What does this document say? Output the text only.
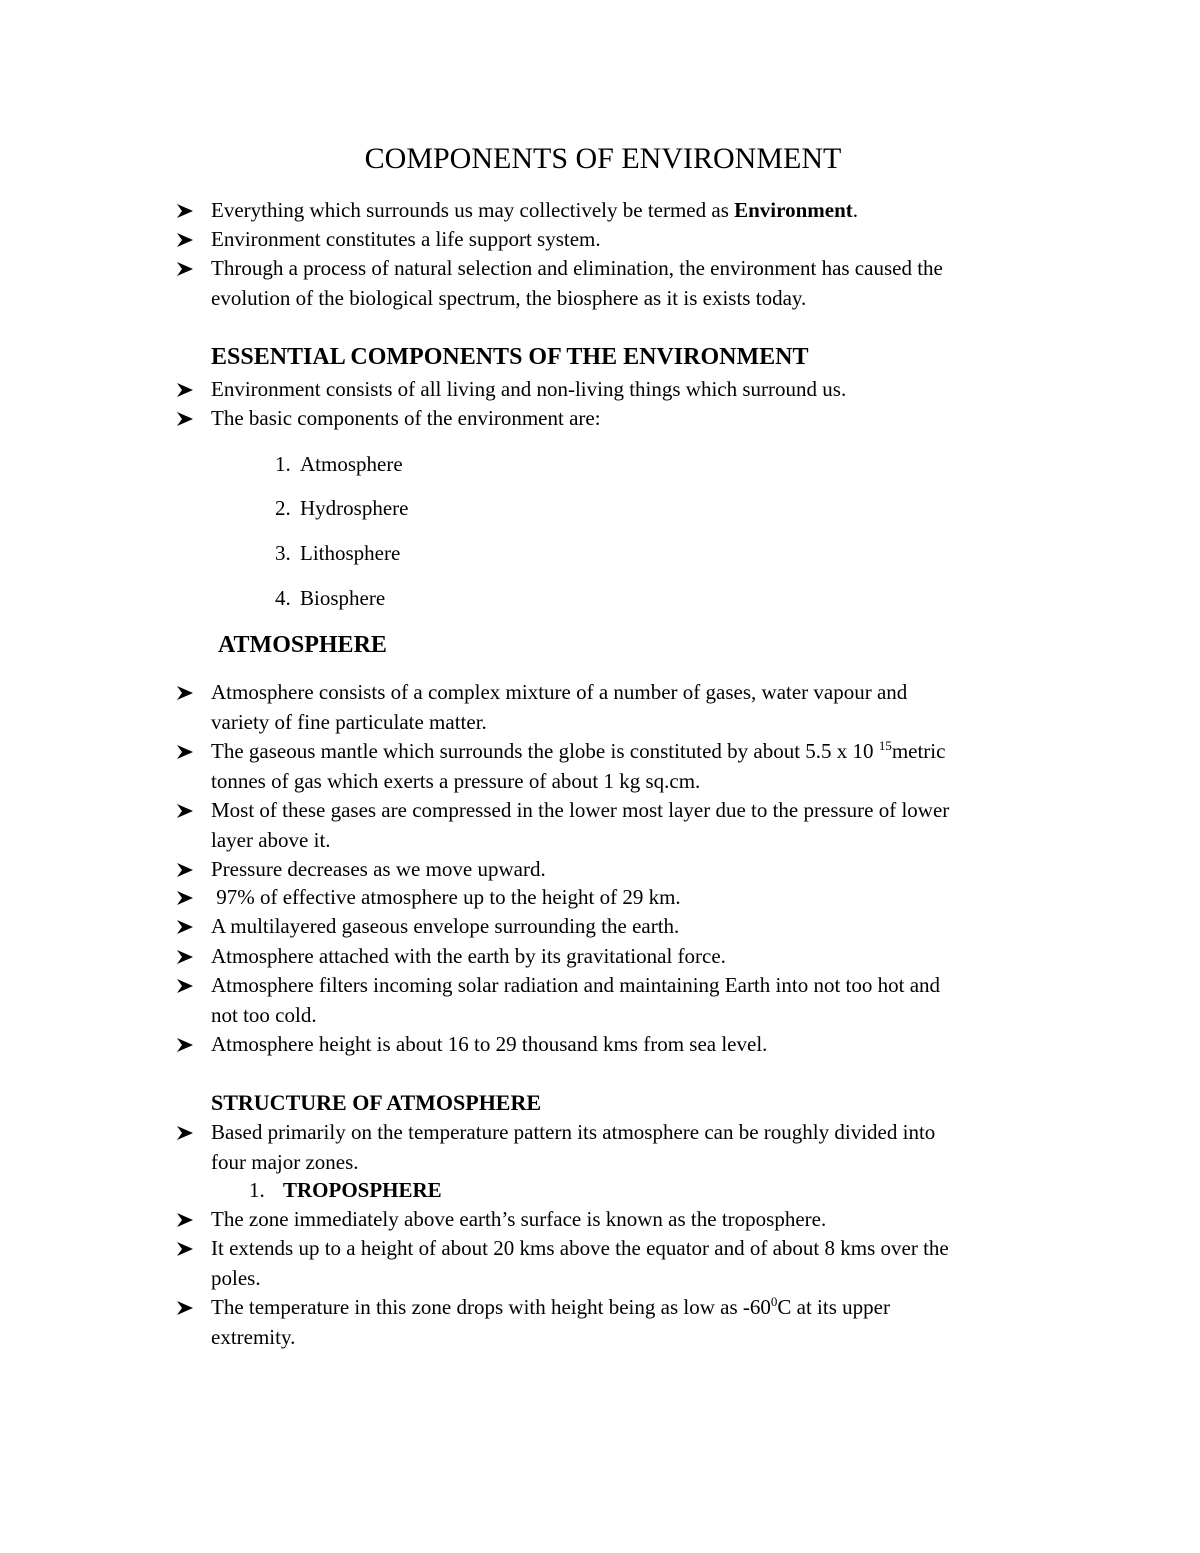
COMPONENTS OF ENVIRONMENT
Everything which surrounds us may collectively be termed as Environment.
Environment constitutes a life support system.
Through a process of natural selection and elimination, the environment has caused the
evolution of the biological spectrum, the biosphere as it is exists today.
ESSENTIAL COMPONENTS OF THE ENVIRONMENT
Environment consists of all living and non-living things which surround us.
The basic components of the environment are:
1. Atmosphere
2. Hydrosphere
3. Lithosphere
4. Biosphere
ATMOSPHERE
Atmosphere consists of a complex mixture of a number of gases, water vapour and
variety of fine particulate matter.
The gaseous mantle which surrounds the globe is constituted by about 5.5 x 10 $^{15}$metric
tonnes of gas which exerts a pressure of about 1 kg sq.cm.
Most of these gases are compressed in the lower most layer due to the pressure of lower
layer above it.
Pressure decreases as we move upward.
97% of effective atmosphere up to the height of 29 km.
A multilayered gaseous envelope surrounding the earth.
Atmosphere attached with the earth by its gravitational force.
Atmosphere filters incoming solar radiation and maintaining Earth into not too hot and
not too cold.
Atmosphere height is about 16 to 29 thousand kms from sea level.
STRUCTURE OF ATMOSPHERE
Based primarily on the temperature pattern its atmosphere can be roughly divided into
four major zones.
1. TROPOSPHERE
The zone immediately above earth’s surface is known as the troposphere.
It extends up to a height of about 20 kms above the equator and of about 8 kms over the
poles.
The temperature in this zone drops with height being as low as $-60^0C$ at its upper
extremity.
